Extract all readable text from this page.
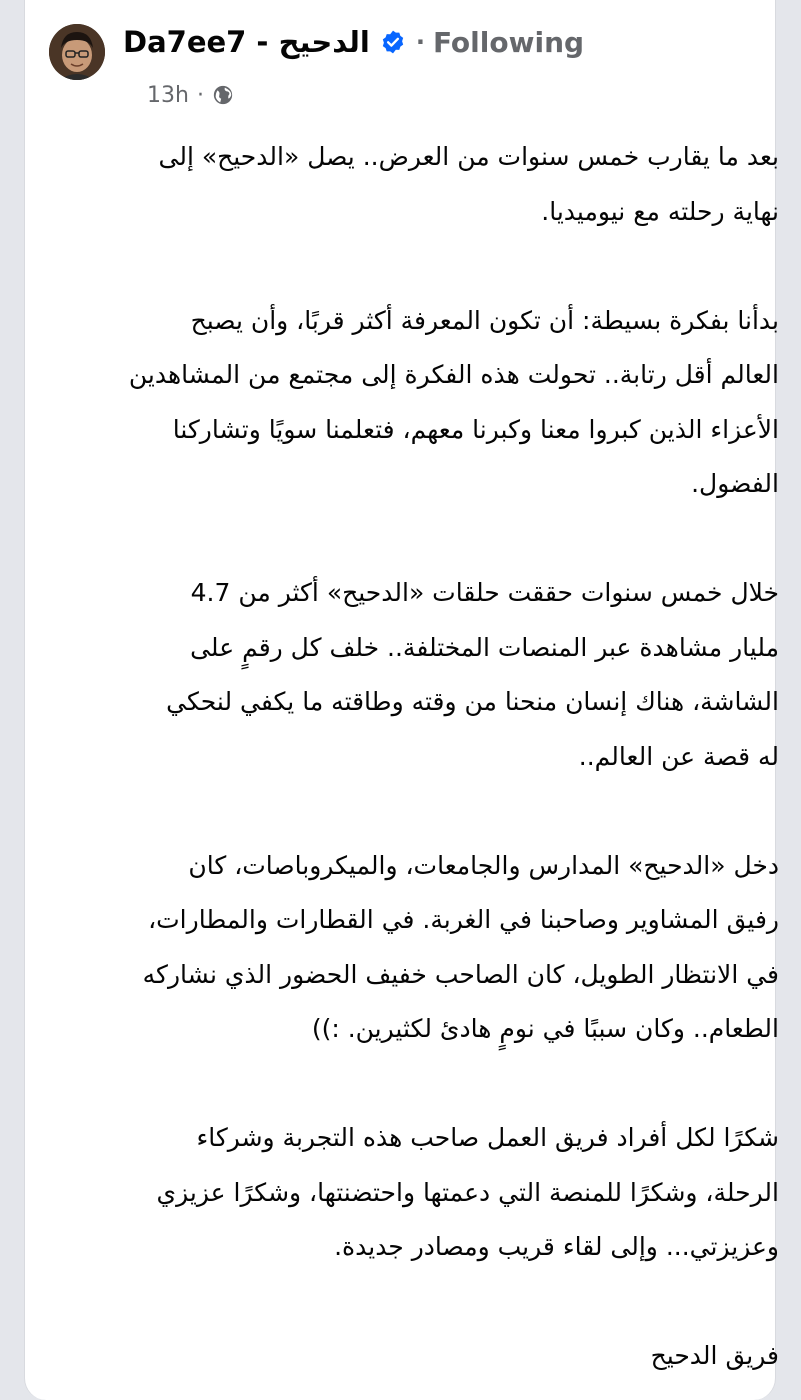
Da7ee7 - الدحيح · Following
13h ·
بعد ما يقارب خمس سنوات من العرض.. يصل «الدحيح» إلى
نهاية رحلته مع نيوميديا.
بدأنا بفكرة بسيطة: أن تكون المعرفة أكثر قربًا، وأن يصبح
العالم أقل رتابة.. تحولت هذه الفكرة إلى مجتمع من المشاهدين
الأعزاء الذين كبروا معنا وكبرنا معهم، فتعلمنا سويًا وتشاركنا
الفضول.
خلال خمس سنوات حققت حلقات «الدحيح» أكثر من 4.7
مليار مشاهدة عبر المنصات المختلفة.. خلف كل رقمٍ على
الشاشة، هناك إنسان منحنا من وقته وطاقته ما يكفي لنحكي
له قصة عن العالم..
دخل «الدحيح» المدارس والجامعات، والميكروباصات، كان
رفيق المشاوير وصاحبنا في الغربة. في القطارات والمطارات،
في الانتظار الطويل، كان الصاحب خفيف الحضور الذي نشاركه
الطعام.. وكان سببًا في نومٍ هادئ لكثيرين. :))
شكرًا لكل أفراد فريق العمل صاحب هذه التجربة وشركاء
الرحلة، وشكرًا للمنصة التي دعمتها واحتضنتها، وشكرًا عزيزي
وعزيزتي... وإلى لقاء قريب ومصادر جديدة.
فريق الدحيح
